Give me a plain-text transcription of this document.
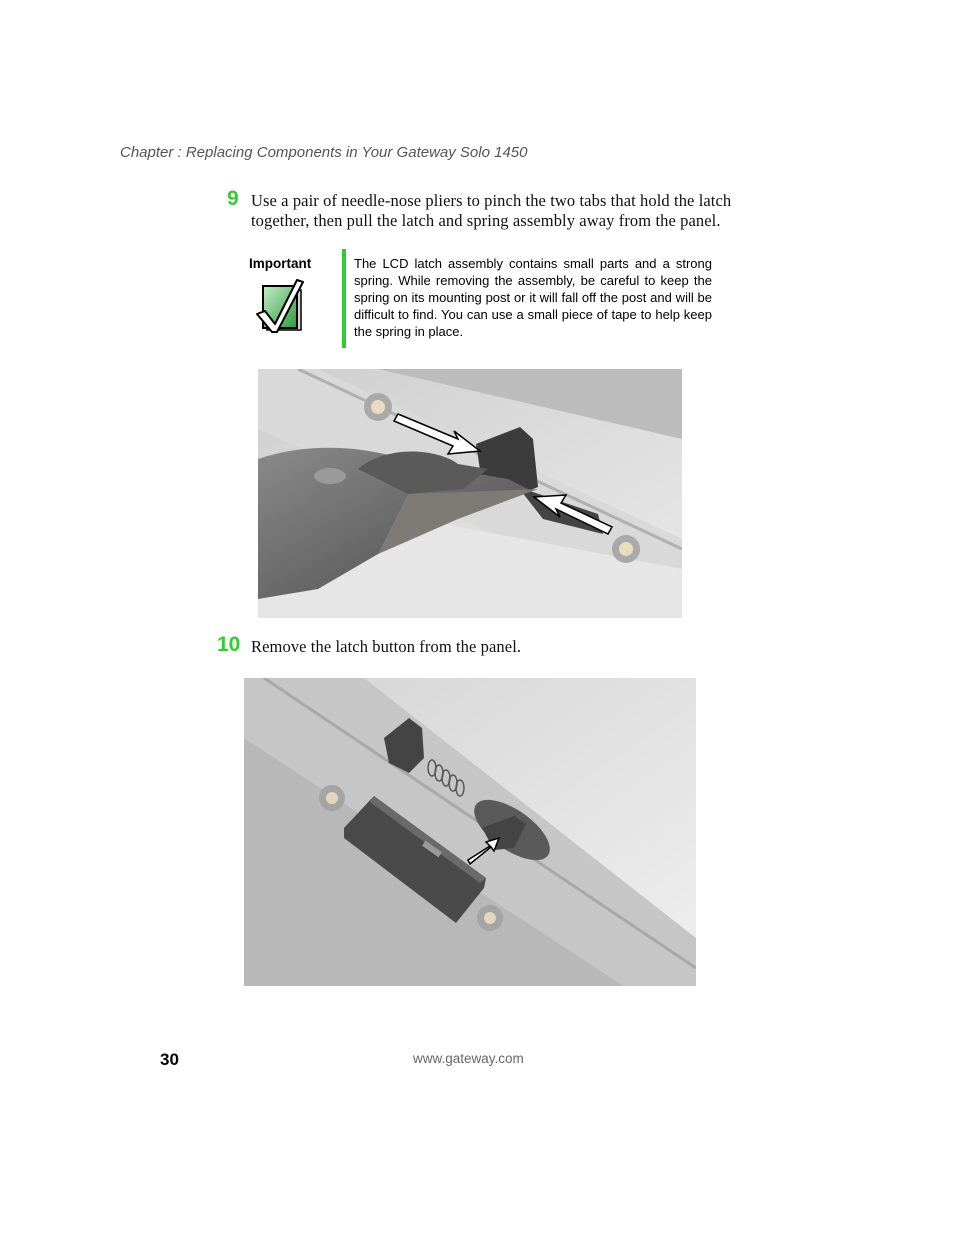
Chapter : Replacing Components in Your Gateway Solo 1450
9 Use a pair of needle-nose pliers to pinch the two tabs that hold the latch together, then pull the latch and spring assembly away from the panel.
Important	The LCD latch assembly contains small parts and a strong spring. While removing the assembly, be careful to keep the spring on its mounting post or it will fall off the post and will be difficult to find. You can use a small piece of tape to help keep the spring in place.
10 Remove the latch button from the panel.
30	www.gateway.com
